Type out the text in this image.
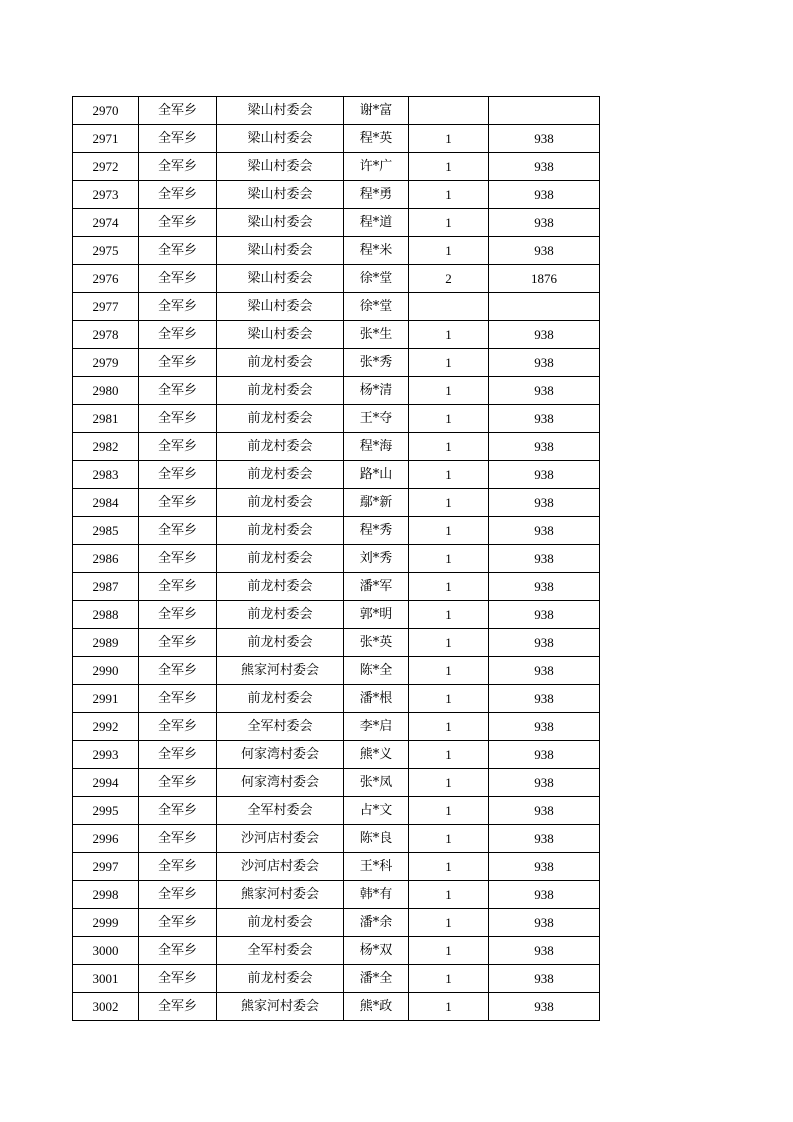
2970	全军乡	梁山村委会	谢*富		
2971	全军乡	梁山村委会	程*英	1	938
2972	全军乡	梁山村委会	许*广	1	938
2973	全军乡	梁山村委会	程*勇	1	938
2974	全军乡	梁山村委会	程*道	1	938
2975	全军乡	梁山村委会	程*米	1	938
2976	全军乡	梁山村委会	徐*堂	2	1876
2977	全军乡	梁山村委会	徐*堂		
2978	全军乡	梁山村委会	张*生	1	938
2979	全军乡	前龙村委会	张*秀	1	938
2980	全军乡	前龙村委会	杨*清	1	938
2981	全军乡	前龙村委会	王*夺	1	938
2982	全军乡	前龙村委会	程*海	1	938
2983	全军乡	前龙村委会	路*山	1	938
2984	全军乡	前龙村委会	鄢*新	1	938
2985	全军乡	前龙村委会	程*秀	1	938
2986	全军乡	前龙村委会	刘*秀	1	938
2987	全军乡	前龙村委会	潘*军	1	938
2988	全军乡	前龙村委会	郭*明	1	938
2989	全军乡	前龙村委会	张*英	1	938
2990	全军乡	熊家河村委会	陈*全	1	938
2991	全军乡	前龙村委会	潘*根	1	938
2992	全军乡	全军村委会	李*启	1	938
2993	全军乡	何家湾村委会	熊*义	1	938
2994	全军乡	何家湾村委会	张*凤	1	938
2995	全军乡	全军村委会	占*文	1	938
2996	全军乡	沙河店村委会	陈*良	1	938
2997	全军乡	沙河店村委会	王*科	1	938
2998	全军乡	熊家河村委会	韩*有	1	938
2999	全军乡	前龙村委会	潘*余	1	938
3000	全军乡	全军村委会	杨*双	1	938
3001	全军乡	前龙村委会	潘*全	1	938
3002	全军乡	熊家河村委会	熊*政	1	938
